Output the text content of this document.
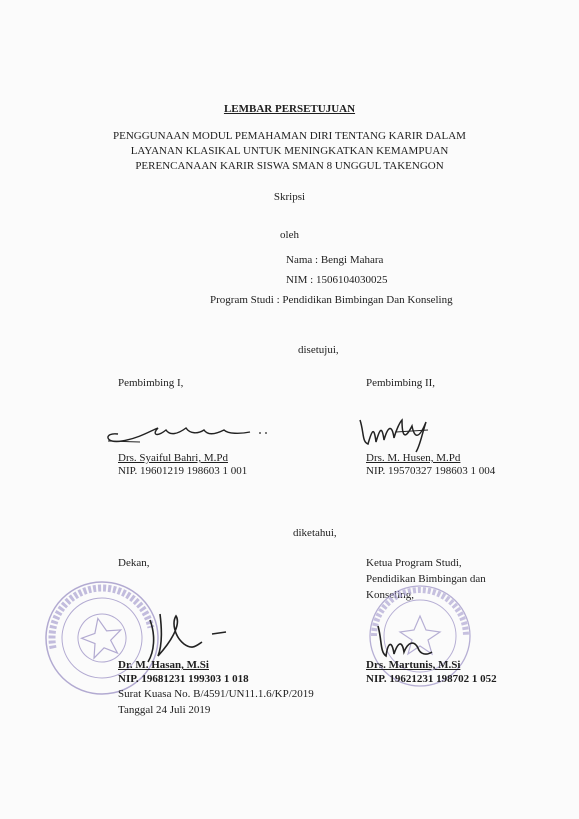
LEMBAR PERSETUJUAN
PENGGUNAAN MODUL PEMAHAMAN DIRI TENTANG KARIR DALAM
LAYANAN KLASIKAL UNTUK MENINGKATKAN KEMAMPUAN
PERENCANAAN KARIR SISWA SMAN 8 UNGGUL TAKENGON
Skripsi
oleh
Nama : Bengi Mahara
NIM : 1506104030025
Program Studi : Pendidikan Bimbingan Dan Konseling
disetujui,
Pembimbing I,	Pembimbing II,
Drs. Syaiful Bahri, M.Pd
NIP. 19601219 198603 1 001
Drs. M. Husen, M.Pd
NIP. 19570327 198603 1 004
diketahui,
Dekan,	Ketua Program Studi,
Pendidikan Bimbingan dan
Konseling,
Dr. M. Hasan, M.Si
NIP. 19681231 199303 1 018
Surat Kuasa No. B/4591/UN11.1.6/KP/2019
Tanggal 24 Juli 2019
Drs. Martunis, M.Si
NIP. 19621231 198702 1 052
